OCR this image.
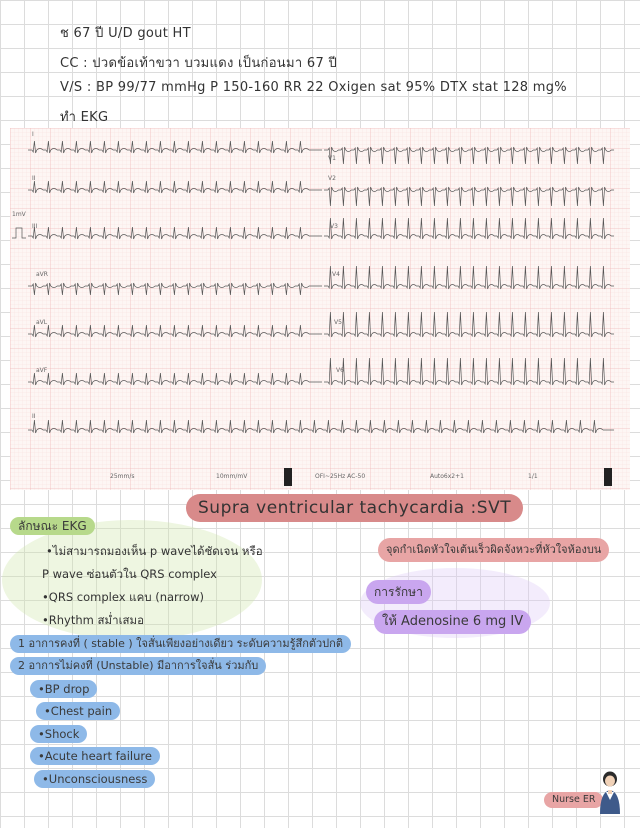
ช 67 ปี U/D gout HT
CC : ปวดข้อเท้าขวา บวมแดง เป็นก่อนมา 67 ปี
V/S : BP 99/77 mmHg P 150-160 RR 22 Oxigen sat 95% DTX stat 128 mg%
ทำ EKG
I
II
III
aVR
aVL
aVF
V1
V2
V3
V4
V5
V6
II
1mV
25mm/s	10mm/mV	OFI~25Hz AC-50	Auto6x2+1	1/1
Supra ventricular tachycardia :SVT
ลักษณะ EKG
•ไม่สามารถมองเห็น p waveได้ชัดเจน หรือ
P wave ซ่อนตัวใน QRS complex
•QRS complex แคบ (narrow)
•Rhythm สม่ำเสมอ
จุดกำเนิดหัวใจเต้นเร็วผิดจังหวะที่หัวใจห้องบน
การรักษา
ให้ Adenosine 6 mg IV
1 อาการคงที่ ( stable ) ใจสั่นเพียงอย่างเดียว ระดับความรู้สึกตัวปกติ
2 อาการไม่คงที่ (Unstable) มีอาการใจสั่น ร่วมกับ
•BP drop
•Chest pain
•Shock
•Acute heart failure
•Unconsciousness
Nurse ER
